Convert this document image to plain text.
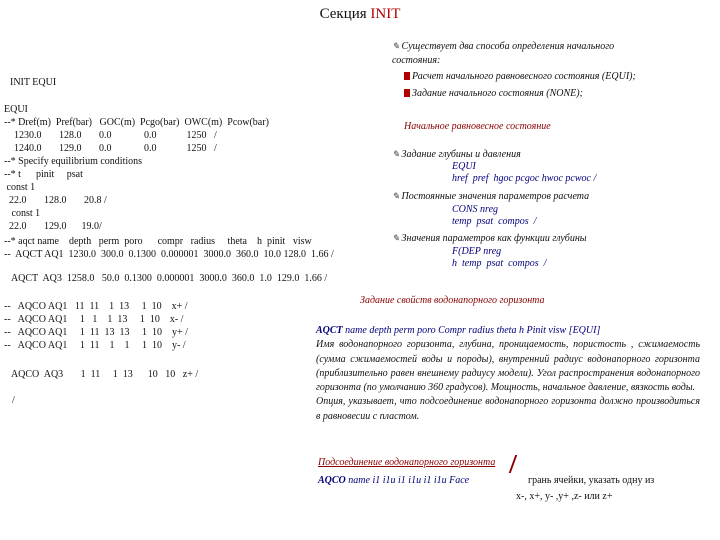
Секция INIT
INIT EQUI
EQUI
--* Dref(m)  Pref(bar)   GOC(m)  Pcgo(bar)  OWC(m)  Pcow(bar)
1230.0       128.0       0.0             0.0            1250   /
1240.0       129.0       0.0             0.0            1250   /
--* Specify equilibrium conditions
--* t      pinit     psat
const 1
22.0       128.0       20.8 /
const 1
22.0       129.0      19.0/
--* aqct name    depth   perm  poro      compr   radius     theta    h  pinit   visw
--  AQCT AQ1  1230.0  300.0  0.1300  0.000001  3000.0  360.0  10.0 128.0  1.66 /
AQCT  AQ3  1258.0   50.0  0.1300  0.000001  3000.0  360.0  1.0  129.0  1.66 /
--   AQCO AQ1   11  11    1  13     1  10    x+ /
--   AQCO AQ1     1   1    1  13     1  10    x- /
--   AQCO AQ1     1  11  13  13     1  10    y+ /
--   AQCO AQ1     1  11    1    1     1  10    y- /
AQCO  AQ3       1  11     1  13      10   10   z+ /
/
✎ Существует два способа определения начального
состояния:
Расчет начального равновесного состояния (EQUI);
Задание начального состояния (NONE);
Начальное равновесное состояние
✎ Задание глубины и давления
EQUI
href  pref  hgoc pcgoc hwoc pcwoc /
✎ Постоянные значения параметров расчета
CONS nreg
temp  psat  compos  /
✎ Значения параметров как функции глубины
F(DEP nreg
h  temp  psat  compos  /
Задание свойств водонапорного горизонта
AQCT name depth perm poro Compr radius theta h Pinit visw [EQUI]
Имя водонапорного горизонта, глубина, проницаемость, пористость , сжимаемость (сумма сжимаемостей воды и породы), внутренний радиус водонапорного горизонта (приблизительно равен внешнему радиусу модели). Угол распространения водонапорного горизонта (по умолчанию 360 градусов). Мощность, начальное давление, вязкость воды.
Опция, указывает, что подсоединение водонапорного горизонта должно производиться в равновесии с пластом.
Подсоединение водонапорного горизонта
AQCO name i1 i1u i1 i1u i1 i1u Face	грань ячейки, указать одну из
x-, x+, y- ,y+ ,z- или z+
